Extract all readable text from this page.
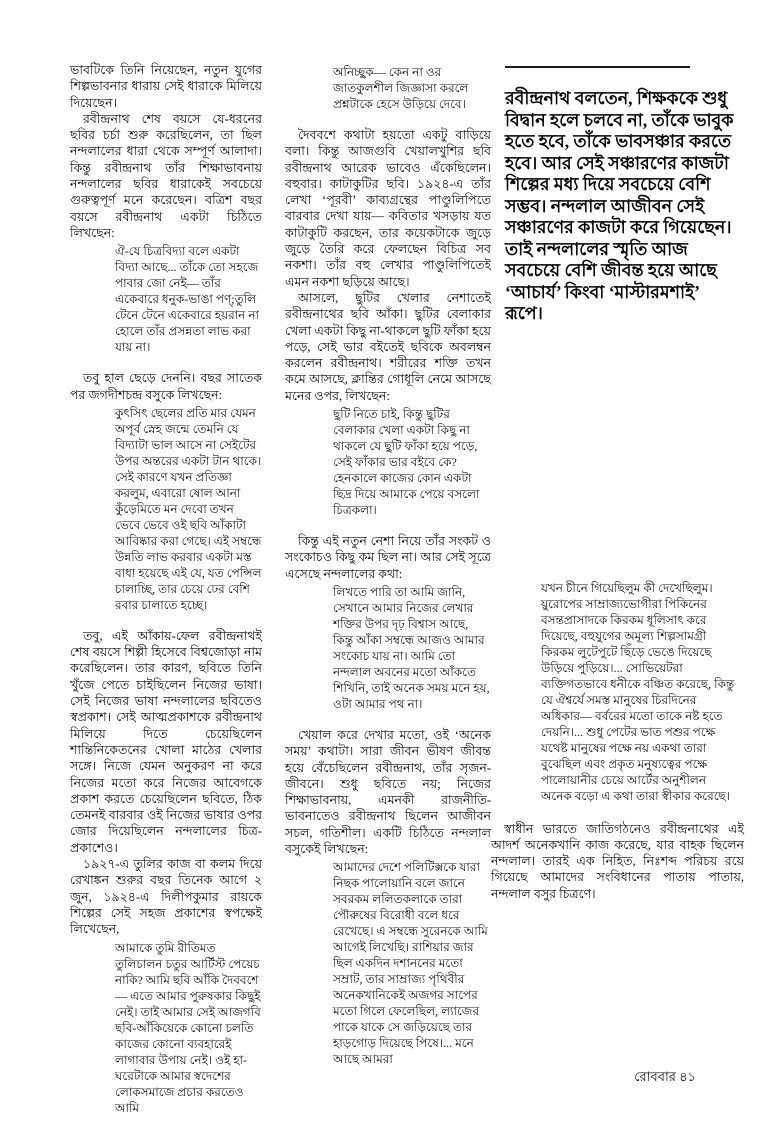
ভাবটিকে তিনি নিয়েছেন, নতুন যুগের শিল্পভাবনার ধারায় সেই ধারাকে মিলিয়ে দিয়েছেন।

রবীন্দ্রনাথ শেষ বয়সে যে-ধরনের ছবির চর্চা শুরু করেছিলেন, তা ছিল নন্দলালের ধারা থেকে সম্পূর্ণ আলাদা। কিন্তু রবীন্দ্রনাথ তাঁর শিক্ষাভাবনায় নন্দলালের ছবির ধারাকেই সবচেয়ে গুরুত্বপূর্ণ মনে করেছেন। বত্রিশ বছর বয়সে রবীন্দ্রনাথ একটা চিঠিতে লিখছেন:

ঐ-যে চিত্রবিদ্যা বলে একটা বিদ্যা আছে... তাঁকে তো সহজে পাবার জো নেই— তাঁর একেবারে ধনুক-ভাঙা পণ্‌;তুলি টেনে টেনে একেবারে হয়রান না হোলে তাঁর প্রসন্নতা লাভ করা যায় না।

তবু হাল ছেড়ে দেননি। বছর সাতেক পর জগদীশচন্দ্র বসুকে লিখছেন:

কুৎসিৎ ছেলের প্রতি মার যেমন অপূর্ব স্নেহ জন্মে তেমনি যে বিদ্যাটা ভাল আসে না সেইটের উপর অন্তরের একটা টান থাকে। সেই কারণে যখন প্রতিজ্ঞা করলুম, এবারো ষোল আনা কুঁড়েমিতে মন দেবো তখন ভেবে ভেবে ওই ছবি আঁকাটা আবিষ্কার করা গেছে। এই সম্বন্ধে উন্নতি লাভ করবার একটা মস্ত বাধা হয়েছে এই যে, যত পেন্সিল চালাচ্ছি, তার চেয়ে ঢের বেশি রবার চালাতে হচ্ছে।

তবু, এই আঁকায়-ফেল রবীন্দ্রনাথই শেষ বয়সে শিল্পী হিসেবে বিশ্বজোড়া নাম করেছিলেন। তার কারণ, ছবিতে তিনি খুঁজে পেতে চাইছিলেন নিজের ভাষা। সেই নিজের ভাষা নন্দলালের ছবিতেও স্বপ্রকাশ। সেই আত্মপ্রকাশকে রবীন্দ্রনাথ মিলিয়ে দিতে চেয়েছিলেন শান্তিনিকেতনের খোলা মাঠের খেলার সঙ্গে। নিজে যেমন অনুকরণ না করে নিজের মতো করে নিজের আবেগকে প্রকাশ করতে চেয়েছিলেন ছবিতে, ঠিক তেমনই বারবার ওই নিজের ভাষার ওপর জোর দিয়েছিলেন নন্দলালের চিত্র-প্রকাশেও।

১৯২৭-এ তুলির কাজ বা কলম দিয়ে রেখাঙ্কন শুরুর বছর তিনেক আগে ২ জুন, ১৯২৪-এ দিলীপকুমার রায়কে শিল্পের সেই সহজ প্রকাশের স্বপক্ষেই লিখেছেন,

আমাকে তুমি রীতিমত তুলিচালন চতুর আর্টিস্ট পেয়েচ নাকি? আমি ছবি আঁকি দৈববশে— এতে আমার পুরুষকার কিছুই নেই। তাই আমার সেই আজগবি ছবি-আঁকিয়েকে কোনো চলতি কাজের কোনো ব্যবহারেই লাগাবার উপায় নেই। ওই হা-ঘরেটাকে আমার স্বদেশের লোকসমাজে প্রচার করতেও আমি
অনিচ্ছুক— কেন না ওর জাতকুলশীল জিজ্ঞাসা করলে প্রশ্নটাকে হেসে উড়িয়ে দেবে।

দৈববশে কথাটা হয়তো একটু বাড়িয়ে বলা। কিন্তু আজগুবি খেয়ালখুশির ছবি রবীন্দ্রনাথ আরেক ভাবেও এঁকেছিলেন। বহুবার। কাটাকুটির ছবি। ১৯২৪-এ তাঁর লেখা ‘পূরবী’ কাব্যগ্রন্থের পাণ্ডুলিপিতে বারবার দেখা যায়— কবিতার খসড়ায় যত কাটাকুটি করছেন, তার কয়েকটাকে জুড়ে জুড়ে তৈরি করে ফেলছেন বিচিত্র সব নকশা। তাঁর বহু লেখার পাণ্ডুলিপিতেই এমন নকশা ছড়িয়ে আছে।

আসলে, ছুটির খেলার নেশাতেই রবীন্দ্রনাথের ছবি আঁকা। ছুটির বেলাকার খেলা একটা কিছু না-থাকলে ছুটি ফাঁকা হয়ে পড়ে, সেই ভার বইতেই ছবিকে অবলম্বন করলেন রবীন্দ্রনাথ। শরীরের শক্তি তখন কমে আসছে, ক্লান্তির গোধূলি নেমে আসছে মনের ওপর, লিখছেন:

ছুটি নিতে চাই, কিন্তু ছুটির বেলাকার খেলা একটা কিছু না থাকলে যে ছুটি ফাঁকা হয়ে পড়ে, সেই ফাঁকার ভার বইবে কে? হেনকালে কাজের কোন একটা ছিদ্র দিয়ে আমাকে পেয়ে বসলো চিত্রকলা।

কিন্তু এই নতুন নেশা নিয়ে তাঁর সংকট ও সংকোচও কিছু কম ছিল না। আর সেই সূত্রে এসেছে নন্দলালের কথা:

লিখতে পারি তা আমি জানি, সেখানে আমার নিজের লেখার শক্তির উপর দৃঢ় বিশ্বাস আছে, কিন্তু আঁকা সম্বন্ধে আজও আমার সংকোচ যায় না। আমি তো নন্দলাল অবনের মতো আঁকতে শিখিনি, তাই অনেক সময় মনে হয়, ওটা আমার পথ না।

খেয়াল করে দেখার মতো, ওই ‘অনেক সময়’ কথাটা। সারা জীবন ভীষণ জীবন্ত হয়ে বেঁচেছিলেন রবীন্দ্রনাথ, তাঁর সৃজন-জীবনে। শুধু ছবিতে নয়; নিজের শিক্ষাভাবনায়, এমনকী রাজনীতি-ভাবনাতেও রবীন্দ্রনাথ ছিলেন আজীবন সচল, গতিশীল। একটি চিঠিতে নন্দলাল বসুকেই লিখছেন:

আমাদের দেশে পলিটিক্সকে যারা নিছক পালোয়ানি বলে জানে সবরকম ললিতকলাকে তারা পৌরুষের বিরোধী বলে ধরে রেখেছে। এ সম্বন্ধে সুরেনকে আমি আগেই লিখেছি। রাশিয়ার জার ছিল একদিন দশাননের মতো সম্রাট, তার সাম্রাজ্য পৃথিবীর অনেকখানিকেই অজগর সাপের মতো গিলে ফেলেছিল, ল্যাজের পাকে যাকে সে জড়িয়েছে তার হাড়গোড় দিয়েছে পিষে।... মনে আছে আমরা
রবীন্দ্রনাথ বলতেন, শিক্ষককে শুধু বিদ্বান হলে চলবে না, তাঁকে ভাবুক হতে হবে, তাঁকে ভাবসঞ্চার করতে হবে। আর সেই সঞ্চারণের কাজটা শিল্পের মধ্য দিয়ে সবচেয়ে বেশি সম্ভব। নন্দলাল আজীবন সেই সঞ্চারণের কাজটা করে গিয়েছেন। তাই নন্দলালের স্মৃতি আজ সবচেয়ে বেশি জীবন্ত হয়ে আছে ‘আচার্য’ কিংবা ‘মাস্টারমশাই’ রূপে।
যখন চীনে গিয়েছিলুম কী দেখেছিলুম। য়ুরোপের সাম্রাজ্যভোগীরা পিকিনের বসন্তপ্রাসাদকে কিরকম ধূলিসাৎ করে দিয়েছে, বহুযুগের অমূল্য শিল্পসামগ্রী কিরকম লুটেপুটে ছিঁড়ে ভেঙে দিয়েছে উড়িয়ে পুড়িয়ে।... সোভিয়েটরা ব্যক্তিগতভাবে ধনীকে বঞ্চিত করেছে, কিন্তু যে ঐশ্বর্যে সমস্ত মানুষের চিরদিনের অধিকার— বর্বরের মতো তাকে নষ্ট হতে দেয়নি।... শুধু পেটের ভাত পশুর পক্ষে যথেষ্ট মানুষের পক্ষে নয় একথা তারা বুঝেছিল এবং প্রকৃত মনুষ্যত্বের পক্ষে পালোয়ানীর চেয়ে আর্টের অনুশীলন অনেক বড়ো এ কথা তারা স্বীকার করেছে।

স্বাধীন ভারতে জাতিগঠনেও রবীন্দ্রনাথের এই আদর্শ অনেকখানি কাজ করেছে, যার বাহক ছিলেন নন্দলাল। তারই এক নিহিত, নিঃশব্দ পরিচয় রয়ে গিয়েছে আমাদের সংবিধানের পাতায় পাতায়, নন্দলাল বসুর চিত্রণে।

রোববার ৪১
